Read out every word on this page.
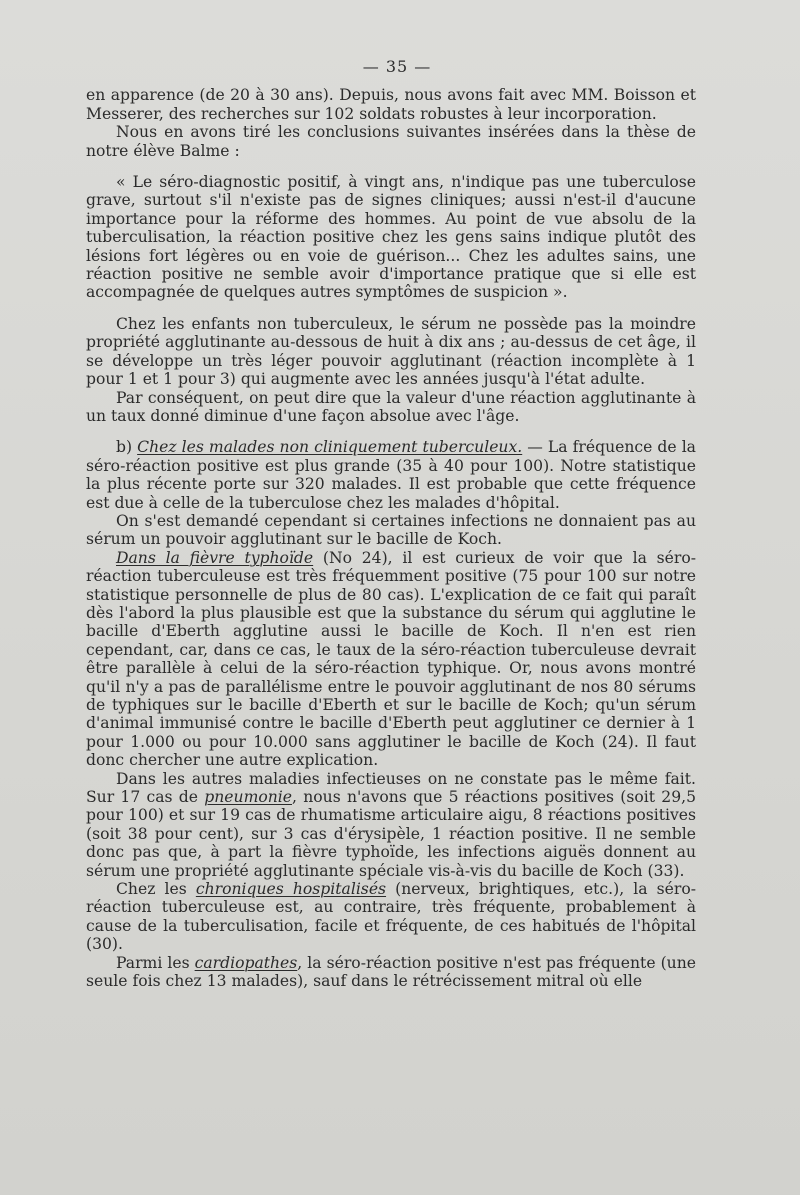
— 35 —

en apparence (de 20 à 30 ans). Depuis, nous avons fait avec MM. Boisson et Messerer, des recherches sur 102 soldats robustes à leur incorporation.

Nous en avons tiré les conclusions suivantes insérées dans la thèse de notre élève Balme :

« Le séro-diagnostic positif, à vingt ans, n'indique pas une tuberculose grave, surtout s'il n'existe pas de signes cliniques; aussi n'est-il d'aucune importance pour la réforme des hommes. Au point de vue absolu de la tuberculisation, la réaction positive chez les gens sains indique plutôt des lésions fort légères ou en voie de guérison... Chez les adultes sains, une réaction positive ne semble avoir d'importance pratique que si elle est accompagnée de quelques autres symptômes de suspicion ».

Chez les enfants non tuberculeux, le sérum ne possède pas la moindre propriété agglutinante au-dessous de huit à dix ans ; au-dessus de cet âge, il se développe un très léger pouvoir agglutinant (réaction incomplète à 1 pour 1 et 1 pour 3) qui augmente avec les années jusqu'à l'état adulte.

Par conséquent, on peut dire que la valeur d'une réaction agglutinante à un taux donné diminue d'une façon absolue avec l'âge.

b) Chez les malades non cliniquement tuberculeux. — La fréquence de la séro-réaction positive est plus grande (35 à 40 pour 100). Notre statistique la plus récente porte sur 320 malades. Il est probable que cette fréquence est due à celle de la tuberculose chez les malades d'hôpital.

On s'est demandé cependant si certaines infections ne donnaient pas au sérum un pouvoir agglutinant sur le bacille de Koch.

Dans la fièvre typhoïde (No 24), il est curieux de voir que la séro-réaction tuberculeuse est très fréquemment positive (75 pour 100 sur notre statistique personnelle de plus de 80 cas). L'explication de ce fait qui paraît dès l'abord la plus plausible est que la substance du sérum qui agglutine le bacille d'Eberth agglutine aussi le bacille de Koch. Il n'en est rien cependant, car, dans ce cas, le taux de la séro-réaction tuberculeuse devrait être parallèle à celui de la séro-réaction typhique. Or, nous avons montré qu'il n'y a pas de parallélisme entre le pouvoir agglutinant de nos 80 sérums de typhiques sur le bacille d'Eberth et sur le bacille de Koch; qu'un sérum d'animal immunisé contre le bacille d'Eberth peut agglutiner ce dernier à 1 pour 1.000 ou pour 10.000 sans agglutiner le bacille de Koch (24). Il faut donc chercher une autre explication.

Dans les autres maladies infectieuses on ne constate pas le même fait. Sur 17 cas de pneumonie, nous n'avons que 5 réactions positives (soit 29,5 pour 100) et sur 19 cas de rhumatisme articulaire aigu, 8 réactions positives (soit 38 pour cent), sur 3 cas d'érysipèle, 1 réaction positive. Il ne semble donc pas que, à part la fièvre typhoïde, les infections aiguës donnent au sérum une propriété agglutinante spéciale vis-à-vis du bacille de Koch (33).

Chez les chroniques hospitalisés (nerveux, brightiques, etc.), la séro-réaction tuberculeuse est, au contraire, très fréquente, probablement à cause de la tuberculisation, facile et fréquente, de ces habitués de l'hôpital (30).

Parmi les cardiopathes, la séro-réaction positive n'est pas fréquente (une seule fois chez 13 malades), sauf dans le rétrécissement mitral où elle
